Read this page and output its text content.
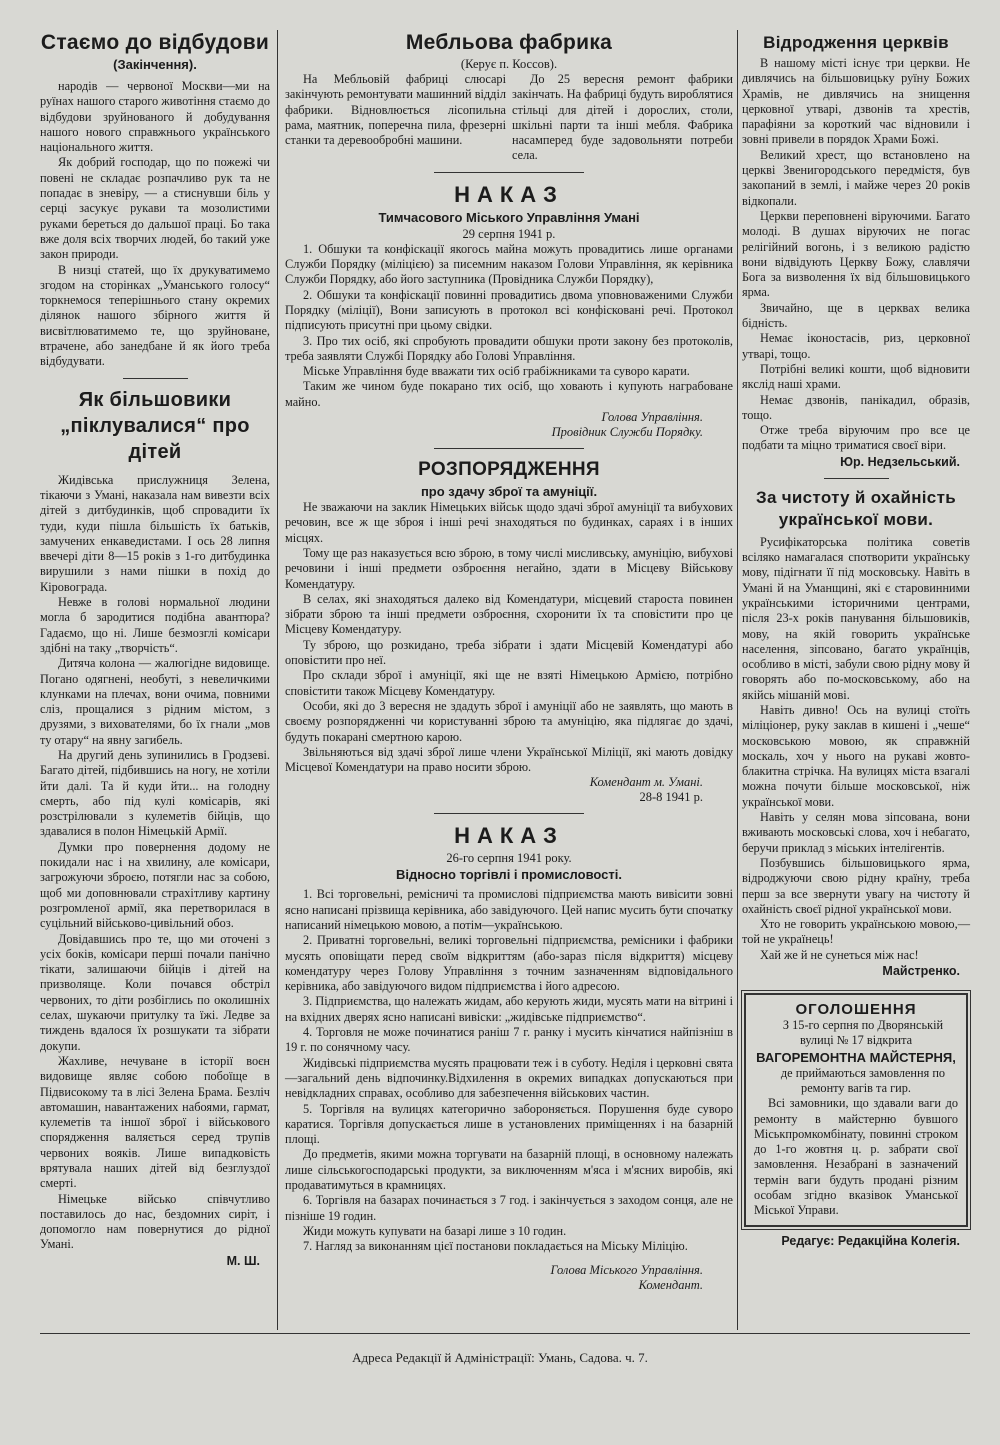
Стаємо до відбудови
(Закінчення).

народів — червоної Москви—ми на руїнах нашого старого животіння стаємо до відбудови зруйнованого й добудування нашого нового справжнього українського національного життя.

Як добрий господар, що по пожежі чи повені не складає розпачливо рук та не попадає в зневіру, — а стиснувши біль у серці засукує рукави та мозолистими руками береться до дальшої праці. Бо така вже доля всіх творчих людей, бо такий уже закон природи.

В низці статей, що їх друкуватимемо згодом на сторінках „Уманського голосу“ торкнемося теперішнього стану окремих ділянок нашого збірного життя й висвітлюватимемо те, що зруйноване, втрачене, або занедбане й як його треба відбудувати.

Як більшовики „піклувалися“ про дітей

Жидівська прислужниця Зелена, тікаючи з Умані, наказала нам вивезти всіх дітей з дитбудинків, щоб спровадити їх туди, куди пішла більшість їх батьків, замучених енкаведистами. І ось 28 липня ввечері діти 8—15 років з 1-го дитбудинка вирушили з нами пішки в похід до Кіровограда.

Невже в голові нормальної людини могла б зародитися подібна авантюра? Гадаємо, що ні. Лише безмозглі комісари здібні на таку „творчість“.

Дитяча колона — жалюгідне видовище. Погано одягнені, необуті, з невеличкими клунками на плечах, вони очима, повними сліз, прощалися з рідним містом, з друзями, з вихователями, бо їх гнали „мов ту отару“ на явну загибель.

На другий день зупинились в Гродзеві. Багато дітей, підбившись на ногу, не хотіли йти далі. Та й куди йти... на голодну смерть, або під кулі комісарів, які розстрілювали з кулеметів бійців, що здавалися в полон Німецькій Армії.

Думки про повернення додому не покидали нас і на хвилину, але комісари, загрожуючи зброєю, потягли нас за собою, щоб ми доповнювали страхітливу картину розгромленої армії, яка перетворилася в суцільний військово-цивільний обоз.

Довідавшись про те, що ми оточені з усіх боків, комісари перші почали панічно тікати, залишаючи бійців і дітей на призволяще. Коли почався обстріл червоних, то діти розбіглись по околишніх селах, шукаючи притулку та їжі. Ледве за тиждень вдалося їх розшукати та зібрати докупи.

Жахливе, нечуване в історії воєн видовище являє собою побоїще в Підвисокому та в лісі Зелена Брама. Безліч автомашин, навантажених набоями, гармат, кулеметів та іншої зброї і військового спорядження валяється серед трупів червоних вояків. Лише випадковість врятувала наших дітей від безглуздої смерті.

Німецьке військо співчутливо поставилось до нас, бездомних сиріт, і допомогло нам повернутися до рідної Умані.

М. Ш.
Мебльова фабрика
(Керує п. Коссов).

На Мебльовій фабриці слюсарі закінчують ремонтувати машинний відділ фабрики. Відновлюється лісопильна рама, маятник, поперечна пила, фрезерні станки та деревообробні машини.

До 25 вересня ремонт фабрики закінчать. На фабриці будуть вироблятися стільці для дітей і дорослих, столи, шкільні парти та інші мебля. Фабрика насамперед буде задовольняти потреби села.

НАКАЗ
Тимчасового Міського Управління Умані
29 серпня 1941 р.

1. Обшуки та конфіскації якогось майна можуть провадитись лише органами Служби Порядку (міліцією) за писемним наказом Голови Управління, як керівника Служби Порядку, або його заступника (Провідника Служби Порядку),

2. Обшуки та конфіскації повинні провадитись двома уповноваженими Служби Порядку (міліції), Вони записують в протокол всі конфісковані речі. Протокол підписують присутні при цьому свідки.

3. Про тих осіб, які спробують провадити обшуки проти закону без протоколів, треба заявляти Службі Порядку або Голові Управління.

Міське Управління буде вважати тих осіб грабіжниками та суворо карати.

Таким же чином буде покарано тих осіб, що ховають і купують награбоване майно.

Голова Управління.
Провідник Служби Порядку.
РОЗПОРЯДЖЕННЯ
про здачу зброї та амуніції.

Не зважаючи на заклик Німецьких військ щодо здачі зброї амуніції та вибухових речовин, все ж ще зброя і інші речі знаходяться по будинках, сараях і в інших місцях.

Тому ще раз наказується всю зброю, в тому числі мисливську, амуніцію, вибухові речовини і інші предмети озброєння негайно, здати в Місцеву Військову Комендатуру.

В селах, які знаходяться далеко від Комендатури, місцевий староста повинен зібрати зброю та інші предмети озброєння, схоронити їх та сповістити про це Місцеву Комендатуру.

Ту зброю, що розкидано, треба зібрати і здати Місцевій Комендатурі або оповістити про неї.

Про склади зброї і амуніції, які ще не взяті Німецькою Армією, потрібно сповістити також Місцеву Комендатуру.

Особи, які до 3 вересня не здадуть зброї і амуніції або не заявлять, що мають в своєму розпорядженні чи користуванні зброю та амуніцію, яка підлягає до здачі, будуть покарані смертною карою.

Звільняються від здачі зброї лише члени Української Міліції, які мають довідку Місцевої Комендатури на право носити зброю.

Комендант м. Умані.
28-8 1941 р.
НАКАЗ
26-го серпня 1941 року.
Відносно торгівлі і промисловості.

1. Всі торговельні, ремісничі та промислові підприємства мають вивісити зовні ясно написані прізвища керівника, або завідуючого. Цей напис мусить бути спочатку написаний німецькою мовою, а потім—українською.

2. Приватні торговельні, великі торговельні підприємства, ремісники і фабрики мусять оповіщати перед своїм відкриттям (або-зараз після відкриття) місцеву комендатуру через Голову Управління з точним зазначенням відповідального керівника, або завідуючого видом підприємства і його адресою.

3. Підприємства, що належать жидам, або керують жиди, мусять мати на вітрині і на вхідних дверях ясно написані вивіски: „жидівське підприємство“.

4. Торговля не може починатися раніш 7 г. ранку і мусить кінчатися найпізніш в 19 г. по сонячному часу.

Жидівські підприємства мусять працювати теж і в суботу. Неділя і церковні свята—загальний день відпочинку.Відхилення в окремих випадках допускаються при невідкладних справах, особливо для забезпечення військових частин.

5. Торгівля на вулицях категорично забороняється. Порушення буде суворо каратися. Торгівля допускається лише в установлених приміщеннях і на базарній площі.

До предметів, якими можна торгувати на базарній площі, в основному належать лише сільськогосподарські продукти, за виключенням м'яса і м'ясних виробів, які продаватимуться в крамницях.

6. Торгівля на базарах починається з 7 год. і закінчується з заходом сонця, але не пізніше 19 годин.

Жиди можуть купувати на базарі лише з 10 годин.

7. Нагляд за виконанням цієї постанови покладається на Міську Міліцію.

Голова Міського Управління.
Комендант.
Відродження церквів

В нашому місті існує три церкви. Не дивлячись на більшовицьку руїну Божих Храмів, не дивлячись на знищення церковної утварі, дзвонів та хрестів, парафіяни за короткий час відновили і зовні привели в порядок Храми Божі.

Великий хрест, що встановлено на церкві Звенигородського передмістя, був закопаний в землі, і майже через 20 років відкопали.

Церкви переповнені віруючими. Багато молоді. В душах віруючих не погас релігійний вогонь, і з великою радістю вони відвідують Церкву Божу, славлячи Бога за визволення їх від більшовицького ярма.

Звичайно, ще в церквах велика бідність.

Немає іконостасів, риз, церковної утварі, тощо.

Потрібні великі кошти, щоб відновити якслід наші храми.

Немає дзвонів, панікадил, образів, тощо.

Отже треба віруючим про все це подбати та міцно триматися своєї віри.

Юр. Недзельський.
За чистоту й охайність української мови.

Русифікаторська політика советів всіляко намагалася спотворити українську мову, підігнати її під московську. Навіть в Умані й на Уманщині, які є старовинними українськими історичними центрами, після 23-х років панування більшовиків, мову, на якій говорить українське населення, зіпсовано, багато українців, особливо в місті, забули свою рідну мову й говорять або по-московському, або на якійсь мішаній мові.

Навіть дивно! Ось на вулиці стоїть міліціонер, руку заклав в кишені і „чеше“ московською мовою, як справжній москаль, хоч у нього на рукаві жовто-блакитна стрічка. На вулицях міста взагалі можна почути більше московської, ніж української мови.

Навіть у селян мова зіпсована, вони вживають московські слова, хоч і небагато, беручи приклад з міських інтелігентів.

Позбувшись більшовицького ярма, відроджуючи свою рідну країну, треба перш за все звернути увагу на чистоту й охайність своєї рідної української мови.

Хто не говорить українською мовою,—той не українець!

Хай же й не сунеться між нас!

Майстренко.
ОГОЛОШЕННЯ

З 15-го серпня по Дворянській вулиці № 17 відкрита

ВАГОРЕМОНТНА МАЙСТЕРНЯ,

де приймаються замовлення по ремонту вагів та гир.

Всі замовники, що здавали ваги до ремонту в майстерню бувшого Міськпромкомбінату, повинні строком до 1-го жовтня ц. р. забрати свої замовлення. Незабрані в зазначений термін ваги будуть продані різним особам згідно вказівок Уманської Міської Управи.

Редагує: Редакційна Колегія.
Адреса Редакції й Адміністрації: Умань, Садова. ч. 7.
